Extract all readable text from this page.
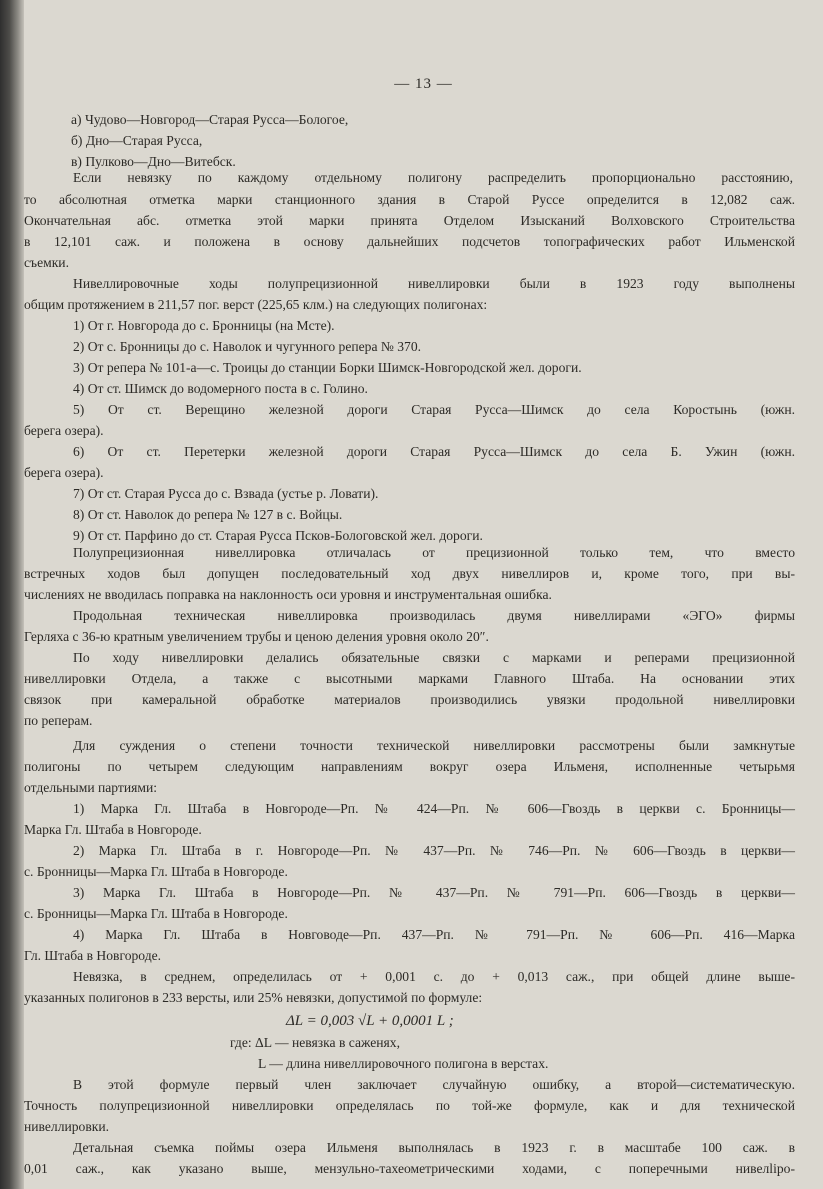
— 13 —
а) Чудово—Новгород—Старая Русса—Бологое,
б) Дно—Старая Русса,
в) Пулково—Дно—Витебск.
Если невязку по каждому отдельному полигону распределить пропорционально расстоянию,
то абсолютная отметка марки станционного здания в Старой Руссе определится в 12,082 саж.
Окончательная абс. отметка этой марки принята Отделом Изысканий Волховского Строительства
в 12,101 саж. и положена в основу дальнейших подсчетов топографических работ Ильменской
съемки.
Нивеллировочные ходы полупрецизионной нивеллировки были в 1923 году выполнены
общим протяжением в 211,57 пог. верст (225,65 клм.) на следующих полигонах:
1) От г. Новгорода до с. Бронницы (на Мсте).
2) От с. Бронницы до с. Наволок и чугунного репера № 370.
3) От репера № 101-а—с. Троицы до станции Борки Шимск-Новгородской жел. дороги.
4) От ст. Шимск до водомерного поста в с. Голино.
5) От ст. Верещино железной дороги Старая Русса—Шимск до села Коростынь (южн.
берега озера).
6) От ст. Перетерки железной дороги Старая Русса—Шимск до села Б. Ужин (южн.
берега озера).
7) От ст. Старая Русса до с. Взвада (устье р. Ловати).
8) От ст. Наволок до репера № 127 в с. Войцы.
9) От ст. Парфино до ст. Старая Русса Псков-Бологовской жел. дороги.
Полупрецизионная нивеллировка отличалась от прецизионной только тем, что вместо
встречных ходов был допущен последовательный ход двух нивеллиров и, кроме того, при вы-
числениях не вводилась поправка на наклонность оси уровня и инструментальная ошибка.
Продольная техническая нивеллировка производилась двумя нивеллирами «ЭГО» фирмы
Герляха с 36-ю кратным увеличением трубы и ценою деления уровня около 20″.
По ходу нивеллировки делались обязательные связки с марками и реперами прецизионной
нивеллировки Отдела, а также с высотными марками Главного Штаба. На основании этих
связок при камеральной обработке материалов производились увязки продольной нивеллировки
по реперам.
Для суждения о степени точности технической нивеллировки рассмотрены были замкнутые
полигоны по четырем следующим направлениям вокруг озера Ильменя, исполненные четырьмя
отдельными партиями:
1) Марка Гл. Штаба в Новгороде—Рп. № 424—Рп. № 606—Гвоздь в церкви с. Бронницы—
Марка Гл. Штаба в Новгороде.
2) Марка Гл. Штаба в г. Новгороде—Рп. № 437—Рп. № 746—Рп. № 606—Гвоздь в церкви—
с. Бронницы—Марка Гл. Штаба в Новгороде.
3) Марка Гл. Штаба в Новгороде—Рп. № 437—Рп. № 791—Рп. 606—Гвоздь в церкви—
с. Бронницы—Марка Гл. Штаба в Новгороде.
4) Марка Гл. Штаба в Новговоде—Рп. 437—Рп. № 791—Рп. № 606—Рп. 416—Марка
Гл. Штаба в Новгороде.
Невязка, в среднем, определилась от + 0,001 с. до + 0,013 саж., при общей длине выше-
указанных полигонов в 233 версты, или 25% невязки, допустимой по формуле:
ΔL = 0,003 √L + 0,0001 L ;
где: ΔL — невязка в саженях,
L — длина нивеллировочного полигона в верстах.
В этой формуле первый член заключает случайную ошибку, а второй—систематическую.
Точность полупрецизионной нивеллировки определялась по той-же формуле, как и для технической
нивеллировки.
Детальная съемка поймы озера Ильменя выполнялась в 1923 г. в масштабе 100 саж. в
0,01 саж., как указано выше, мензульно-тахеометрическими ходами, с поперечными нивелliро-
